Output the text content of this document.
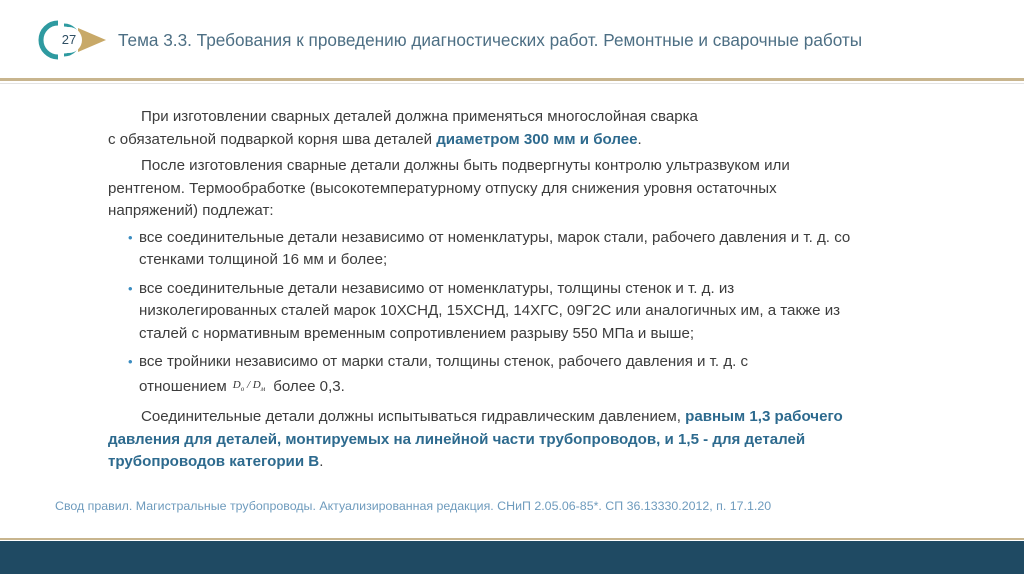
27	Тема 3.3. Требования к проведению диагностических работ. Ремонтные и сварочные работы
При изготовлении сварных деталей должна применяться многослойная сварка
с обязательной подваркой корня шва деталей диаметром 300 мм и более.
После изготовления сварные детали должны быть подвергнуты контролю ультразвуком или
рентгеном. Термообработке (высокотемпературному отпуску для снижения уровня остаточных
напряжений) подлежат:
• все соединительные детали независимо от номенклатуры, марок стали, рабочего давления и т. д. со
стенками толщиной 16 мм и более;
• все соединительные детали независимо от номенклатуры, толщины стенок и т. д. из
низколегированных сталей марок 10ХСНД, 15ХСНД, 14ХГС, 09Г2С или аналогичных им, а также из
сталей с нормативным временным сопротивлением разрыву 550 МПа и выше;
• все тройники независимо от марки стали, толщины стенок, рабочего давления и т. д. с
отношением $D_о / D_м$ более 0,3.
Соединительные детали должны испытываться гидравлическим давлением, равным 1,3 рабочего
давления для деталей, монтируемых на линейной части трубопроводов, и 1,5 - для деталей
трубопроводов категории В.
Свод правил. Магистральные трубопроводы. Актуализированная редакция. СНиП 2.05.06-85*. СП 36.13330.2012, п. 17.1.20
